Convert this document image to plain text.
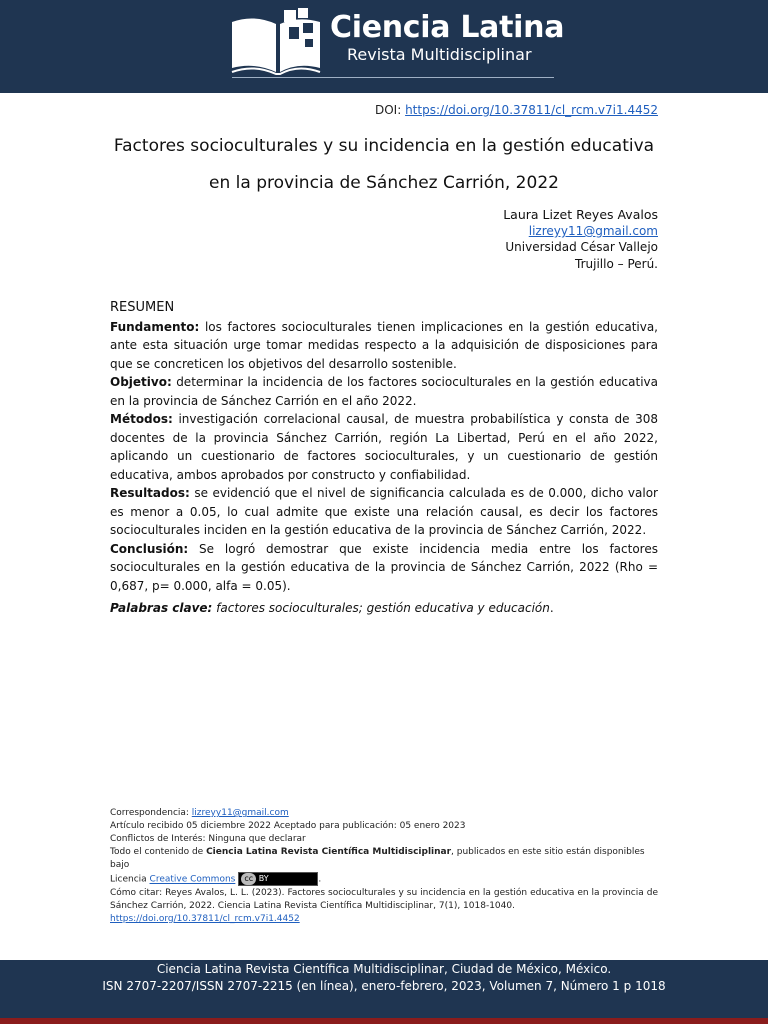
Ciencia Latina
Revista Multidisciplinar
DOI: https://doi.org/10.37811/cl_rcm.v7i1.4452
Factores socioculturales y su incidencia en la gestión educativa
en la provincia de Sánchez Carrión, 2022
Laura Lizet Reyes Avalos
lizreyy11@gmail.com
Universidad César Vallejo
Trujillo – Perú.
RESUMEN

Fundamento: los factores socioculturales tienen implicaciones en la gestión educativa, ante esta situación urge tomar medidas respecto a la adquisición de disposiciones para que se concreticen los objetivos del desarrollo sostenible.

Objetivo: determinar la incidencia de los factores socioculturales en la gestión educativa en la provincia de Sánchez Carrión en el año 2022.

Métodos: investigación correlacional causal, de muestra probabilística y consta de 308 docentes de la provincia Sánchez Carrión, región La Libertad, Perú en el año 2022, aplicando un cuestionario de factores socioculturales, y un cuestionario de gestión educativa, ambos aprobados por constructo y confiabilidad.

Resultados: se evidenció que el nivel de significancia calculada es de 0.000, dicho valor es menor a 0.05, lo cual admite que existe una relación causal, es decir los factores socioculturales inciden en la gestión educativa de la provincia de Sánchez Carrión, 2022.

Conclusión: Se logró demostrar que existe incidencia media entre los factores socioculturales en la gestión educativa de la provincia de Sánchez Carrión, 2022 (Rho = 0,687, p= 0.000, alfa = 0.05).

Palabras clave: factores socioculturales; gestión educativa y educación.
Correspondencia: lizreyy11@gmail.com
Artículo recibido 05 diciembre 2022 Aceptado para publicación: 05 enero 2023
Conflictos de Interés: Ninguna que declarar
Todo el contenido de Ciencia Latina Revista Científica Multidisciplinar, publicados en este sitio están disponibles bajo
Licencia Creative Commons cc BY	.
Cómo citar: Reyes Avalos, L. L. (2023). Factores socioculturales y su incidencia en la gestión educativa en la provincia de Sánchez Carrión, 2022. Ciencia Latina Revista Científica Multidisciplinar, 7(1), 1018-1040.
https://doi.org/10.37811/cl_rcm.v7i1.4452
Ciencia Latina Revista Científica Multidisciplinar, Ciudad de México, México.
ISN 2707-2207/ISSN 2707-2215 (en línea), enero-febrero, 2023, Volumen 7, Número 1 p 1018
